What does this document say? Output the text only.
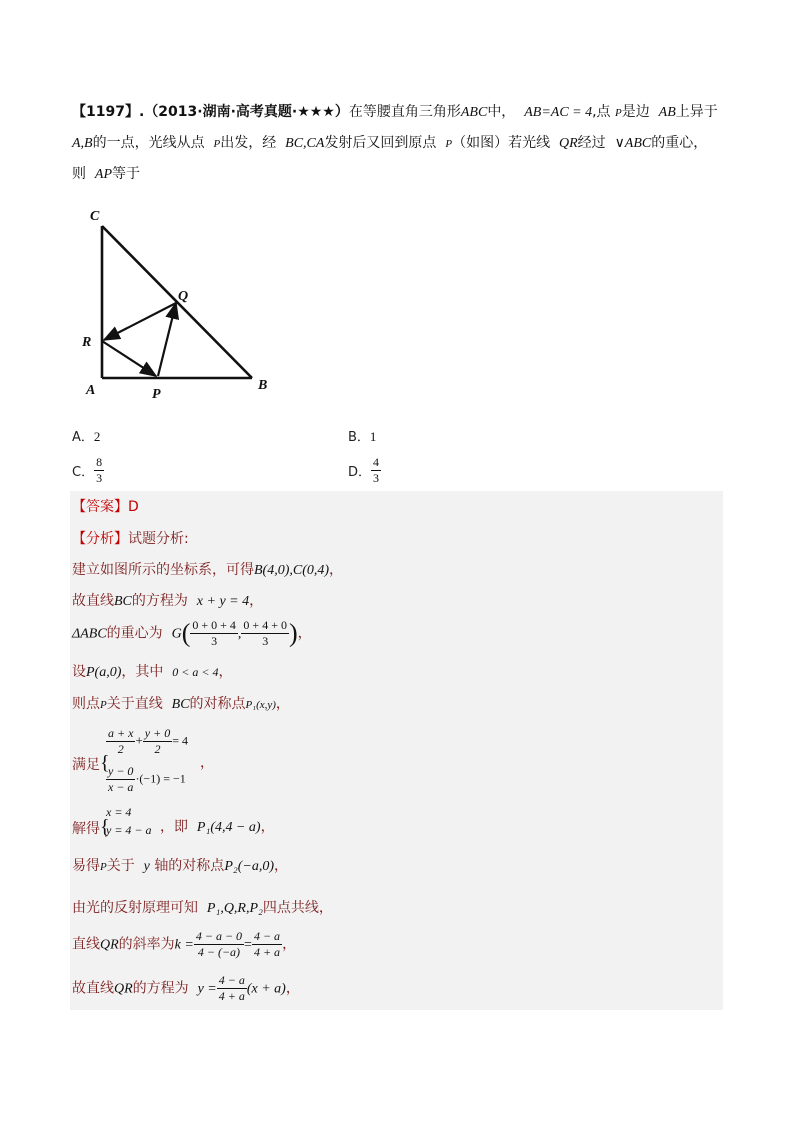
【1197】.（2013·湖南·高考真题·★★★）在等腰直角三角形ABC中， AB=AC = 4,点 P是边 AB上异于
A,B的一点，光线从点 P出发，经 BC,CA发射后又回到原点 P（如图）若光线 QR经过 ∨ABC的重心，
则 AP等于
C
Q
R
A	P
B
A．2	B．1
C． $\frac{8}{3}$	D． $\frac{4}{3}$
【答案】D
【分析】试题分析:
建立如图所示的坐标系，可得B(4,0),C(0,4)，
故直线BC的方程为 x + y = 4，
ΔABC的重心为 $G( \frac{0 + 0 + 4}{3}$ , $\frac{0 + 4 + 0}{3}$ )，
设P(a,0)，其中 0 < a < 4，
则点P关于直线 BC的对称点P₁(x,y)，
满足{
$\frac{a + x}{2} + \frac{y + 0}{2} = 4$
$\frac{y - 0}{x - a} \cdot(-1) = -1$
，
解得{
x = 4
y = 4 − a ，即 P₁(4,4 − a)，
易得P关于 y 轴的对称点P₂(−a,0)，
由光的反射原理可知 P₁,Q,R,P₂四点共线，
直线QR的斜率为$k = \frac{4 - a - 0}{4 - (-a)} = \frac{4 - a}{4 + a}$ ，
故直线QR的方程为 $y = \frac{4 - a}{4 + a} (x + a)$，
